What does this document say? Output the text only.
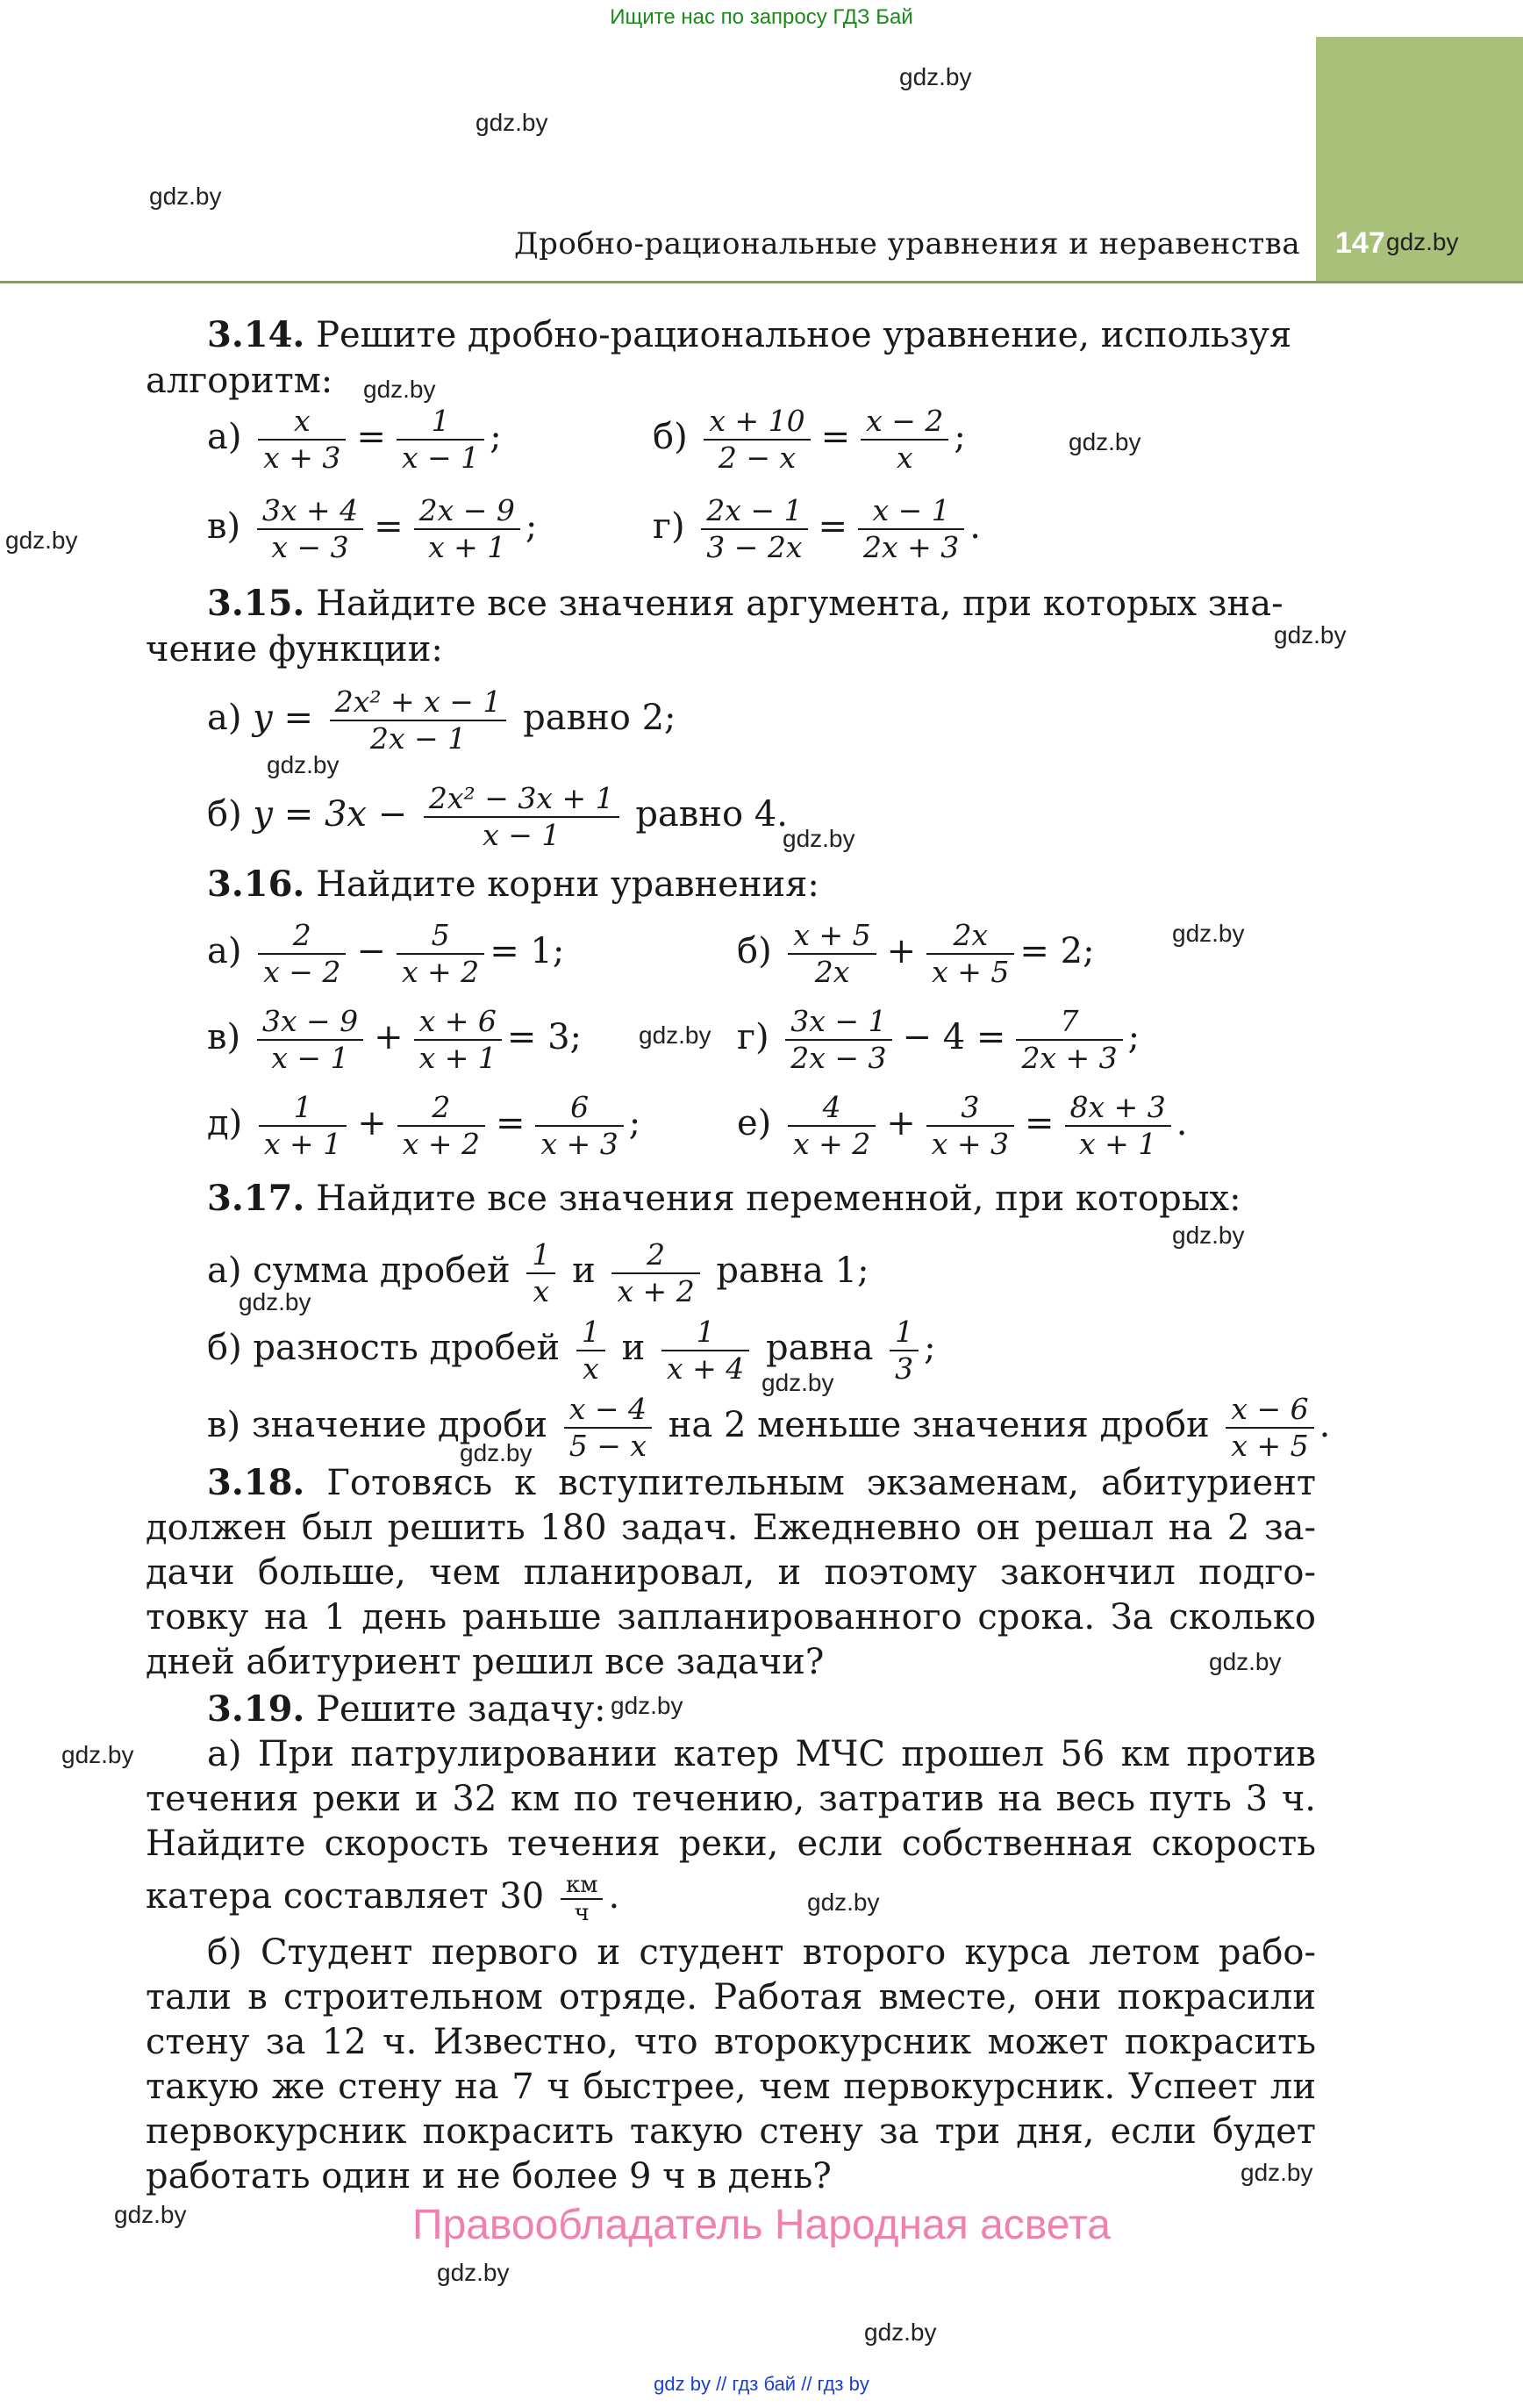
Ищите нас по запросу ГДЗ Бай
147
Дробно-рациональные уравнения и неравенства
gdz.by
gdz.by
gdz.by
gdz.by
gdz.by
gdz.by
gdz.by
gdz.by
gdz.by
gdz.by
gdz.by
gdz.by
gdz.by
gdz.by
gdz.by
gdz.by
gdz.by
gdz.by
gdz.by
gdz.by
gdz.by
gdz.by
gdz.by
gdz.by
3.14. Решите дробно-рациональное уравнение, используя
алгоритм:
$а) \frac{x}{x + 3} = \frac{1}{x - 1}$ ;	$б) \frac{x + 10}{2 - x} = \frac{x - 2}{x}$ ;
$в) \frac{3x + 4}{x - 3} = \frac{2x - 9}{x + 1}$ ;	$г) \frac{2x - 1}{3 - 2x} = \frac{x - 1}{2x + 3}$ .
3.15. Найдите все значения аргумента, при которых зна-
чение функции:
а) $y = \frac{\text{2x² + x − 1}}{2x - 1}$ равно 2;
б) $y = 3x - \frac{\text{2x² − 3x + 1}}{x - 1}$ равно 4.
3.16. Найдите корни уравнения:
$а) \frac{2}{x - 2} - \frac{5}{x + 2} = 1$;	$б) \frac{x + 5}{2x} + \frac{2x}{x + 5} = 2$;
$в) \frac{3x - 9}{x - 1} + \frac{x + 6}{x + 1} = 3$;	$г) \frac{3x - 1}{2x - 3} - 4 = \frac{7}{2x + 3}$ ;
$д) \frac{1}{x + 1} + \frac{2}{x + 2} = \frac{6}{x + 3}$ ;	$е) \frac{4}{x + 2} + \frac{3}{x + 3} = \frac{8x + 3}{x + 1}$ .
3.17. Найдите все значения переменной, при которых:
а) сумма дробей $\frac{1}{x}$ и $\frac{2}{x + 2}$ равна 1;
б) разность дробей $\frac{1}{x}$ и $\frac{1}{x + 4}$ равна $\frac{1}{3}$ ;
в) значение дроби $\frac{x - 4}{5 - x}$ на 2 меньше значения дроби $\frac{x - 6}{x + 5}$ .
3.18. Готовясь к вступительным экзаменам, абитуриент
должен был решить 180 задач. Ежедневно он решал на 2 за-
дачи больше, чем планировал, и поэтому закончил подго-
товку на 1 день раньше запланированного срока. За сколько
дней абитуриент решил все задачи?
3.19. Решите задачу:
а) При патрулировании катер МЧС прошел 56 км против
течения реки и 32 км по течению, затратив на весь путь 3 ч.
Найдите скорость течения реки, если собственная скорость
катера составляет $30 \frac{км}{ч}$ .
б) Студент первого и студент второго курса летом рабо-
тали в строительном отряде. Работая вместе, они покрасили
стену за 12 ч. Известно, что второкурсник может покрасить
такую же стену на 7 ч быстрее, чем первокурсник. Успеет ли
первокурсник покрасить такую стену за три дня, если будет
работать один и не более 9 ч в день?
Правообладатель Народная асвета
gdz by // гдз бай // гдз by
